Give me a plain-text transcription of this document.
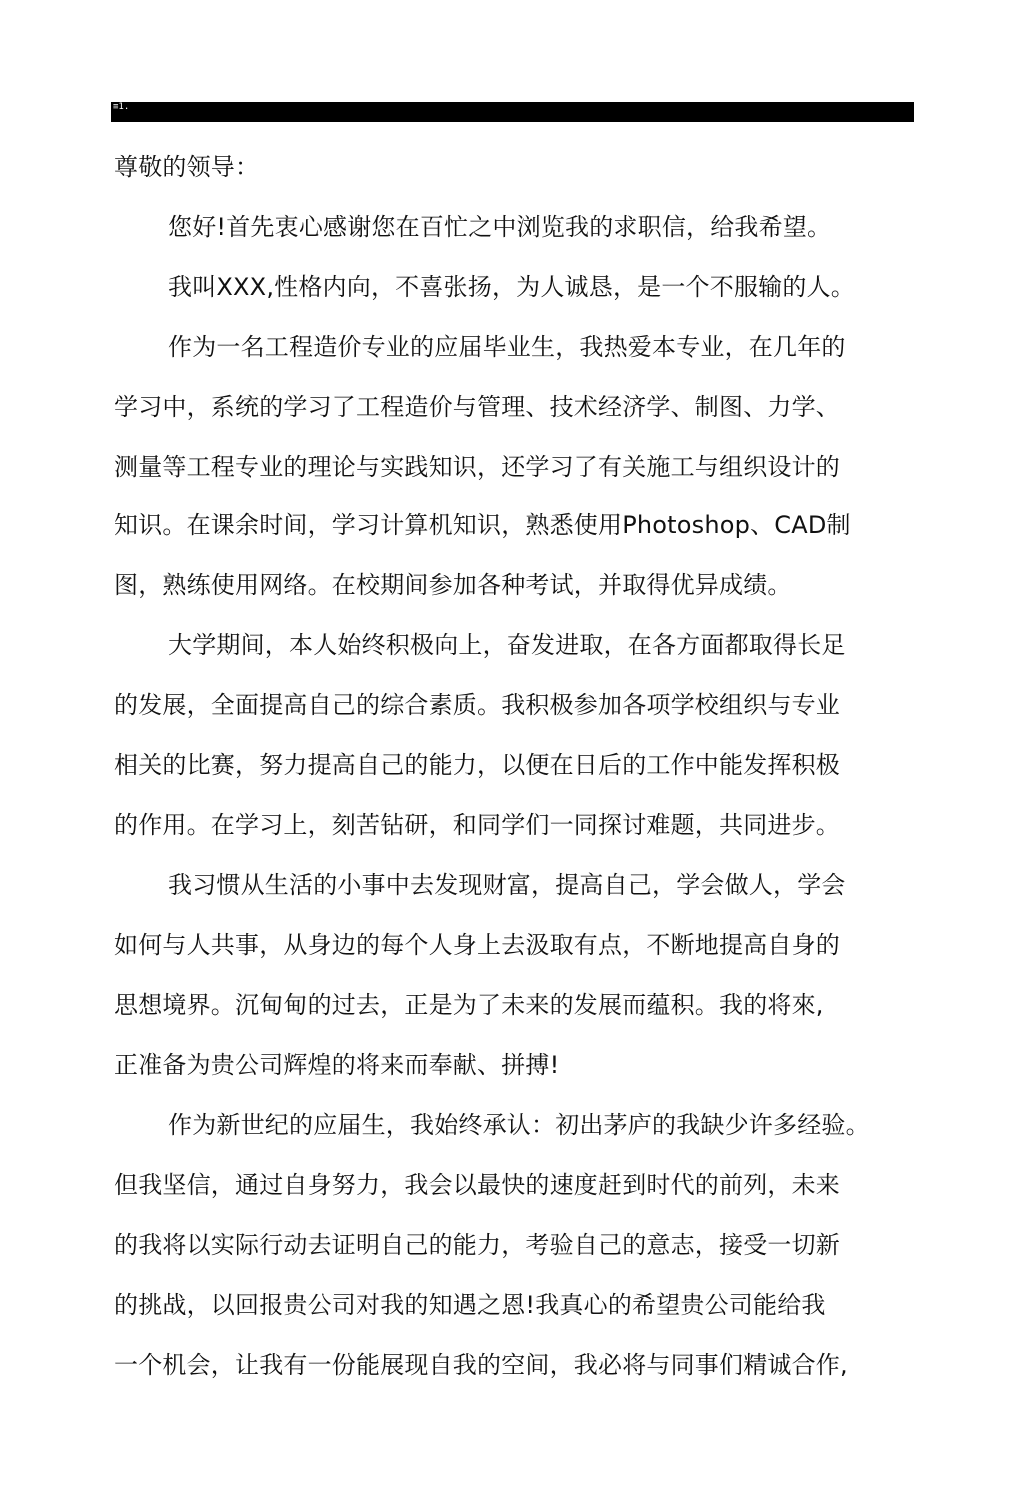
≡1.
尊敬的领导：
您好!首先衷心感谢您在百忙之中浏览我的求职信，给我希望。
我叫XXX,性格内向，不喜张扬，为人诚恳，是一个不服输的人。
作为一名工程造价专业的应届毕业生，我热爱本专业，在几年的
学习中，系统的学习了工程造价与管理、技术经济学、制图、力学、
测量等工程专业的理论与实践知识，还学习了有关施工与组织设计的
知识。在课余时间，学习计算机知识，熟悉使用Photoshop、CAD制
图，熟练使用网络。在校期间参加各种考试，并取得优异成绩。
大学期间，本人始终积极向上，奋发进取，在各方面都取得长足
的发展，全面提高自己的综合素质。我积极参加各项学校组织与专业
相关的比赛，努力提高自己的能力，以便在日后的工作中能发挥积极
的作用。在学习上，刻苦钻研，和同学们一同探讨难题，共同进步。
我习惯从生活的小事中去发现财富，提高自己，学会做人，学会
如何与人共事，从身边的每个人身上去汲取有点，不断地提高自身的
思想境界。沉甸甸的过去，正是为了未来的发展而蕴积。我的将來,
正准备为贵公司辉煌的将来而奉献、拼搏!
作为新世纪的应届生，我始终承认：初出茅庐的我缺少许多经验。
但我坚信，通过自身努力，我会以最快的速度赶到时代的前列，未来
的我将以实际行动去证明自己的能力，考验自己的意志，接受一切新
的挑战，以回报贵公司对我的知遇之恩!我真心的希望贵公司能给我
一个机会，让我有一份能展现自我的空间，我必将与同事们精诚合作,
